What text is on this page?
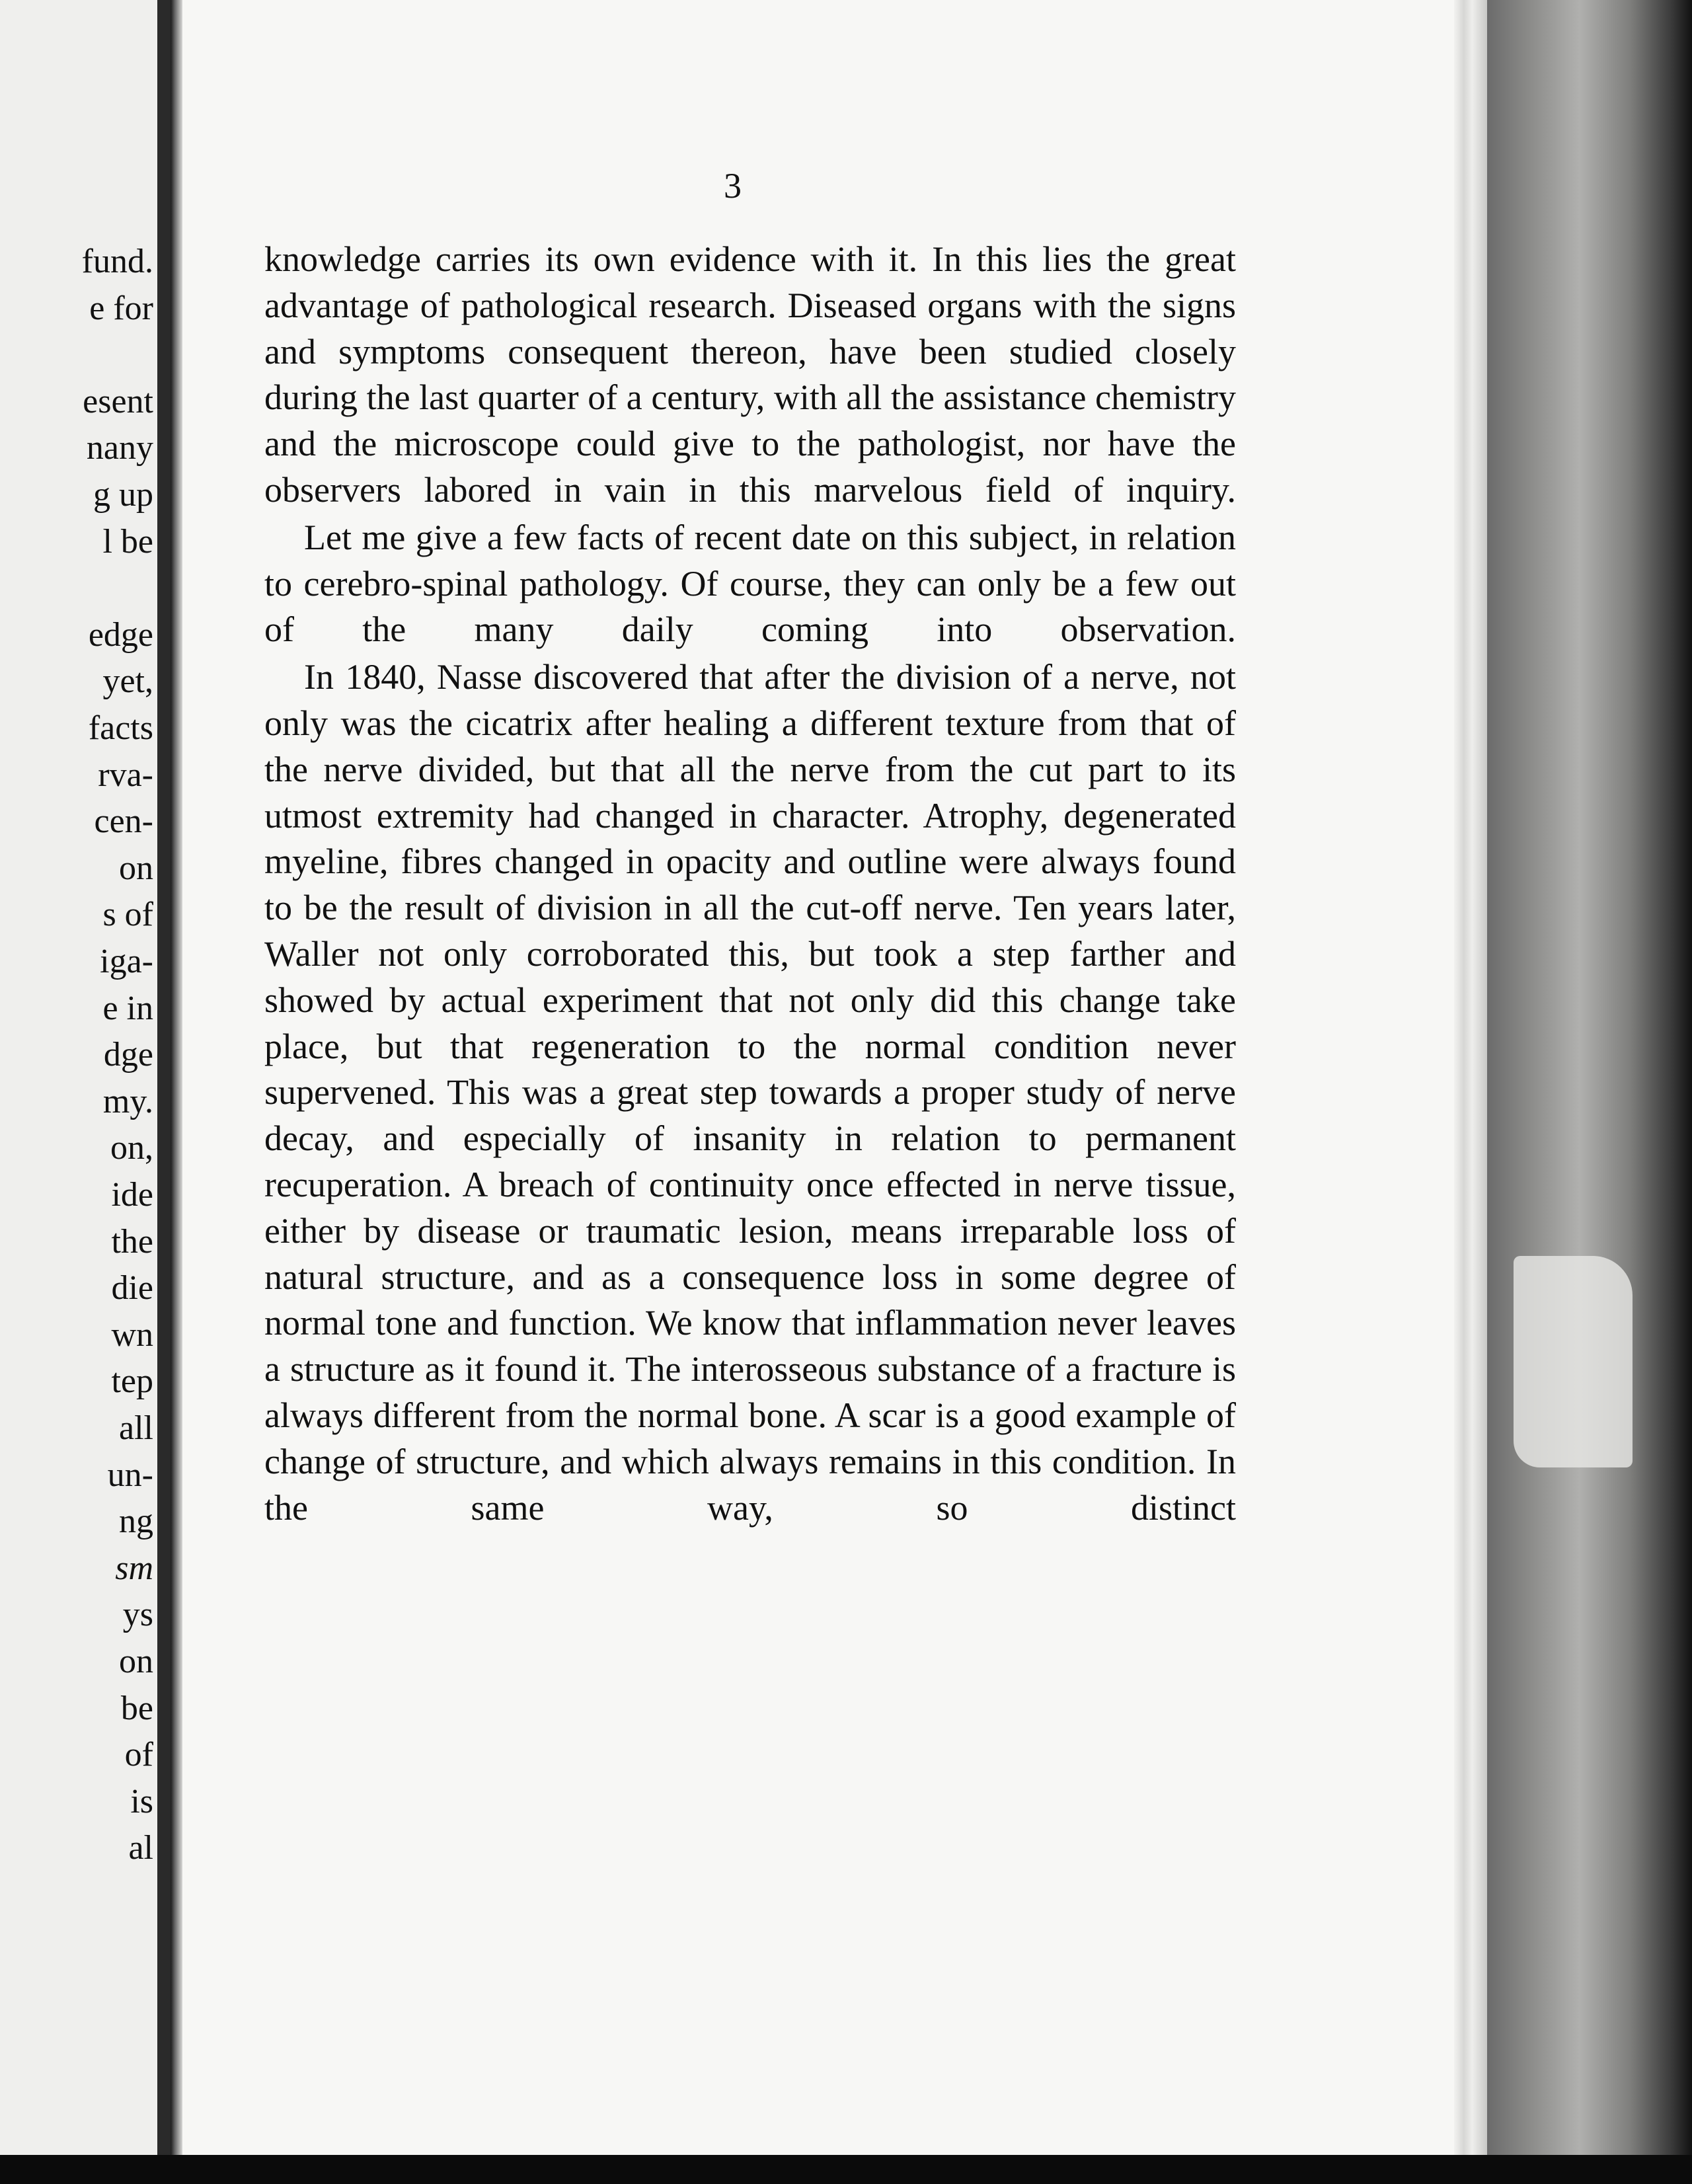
fund.
e for
esent
nany
g up
l be
edge
yet,
facts
rva-
cen-
on
s of
iga-
e in
dge
my.
on,
ide
the
die
wn
tep
all
un-
ng
sm
ys
on
be
of
is
al
3

knowledge carries its own evidence with it. In this lies the great advantage of pathological research. Diseased organs with the signs and symptoms consequent thereon, have been studied closely during the last quarter of a century, with all the assistance chemistry and the microscope could give to the pathologist, nor have the observers labored in vain in this marvelous field of inquiry.

Let me give a few facts of recent date on this subject, in relation to cerebro-spinal pathology. Of course, they can only be a few out of the many daily coming into observation.

In 1840, Nasse discovered that after the division of a nerve, not only was the cicatrix after healing a different texture from that of the nerve divided, but that all the nerve from the cut part to its utmost extremity had changed in character. Atrophy, degenerated myeline, fibres changed in opacity and outline were always found to be the result of division in all the cut-off nerve. Ten years later, Waller not only corroborated this, but took a step farther and showed by actual experiment that not only did this change take place, but that regeneration to the normal condition never supervened. This was a great step towards a proper study of nerve decay, and especially of insanity in relation to permanent recuperation. A breach of continuity once effected in nerve tissue, either by disease or traumatic lesion, means irreparable loss of natural structure, and as a consequence loss in some degree of normal tone and function. We know that inflammation never leaves a structure as it found it. The interosseous substance of a fracture is always different from the normal bone. A scar is a good example of change of structure, and which always remains in this condition. In the same way, so distinct
